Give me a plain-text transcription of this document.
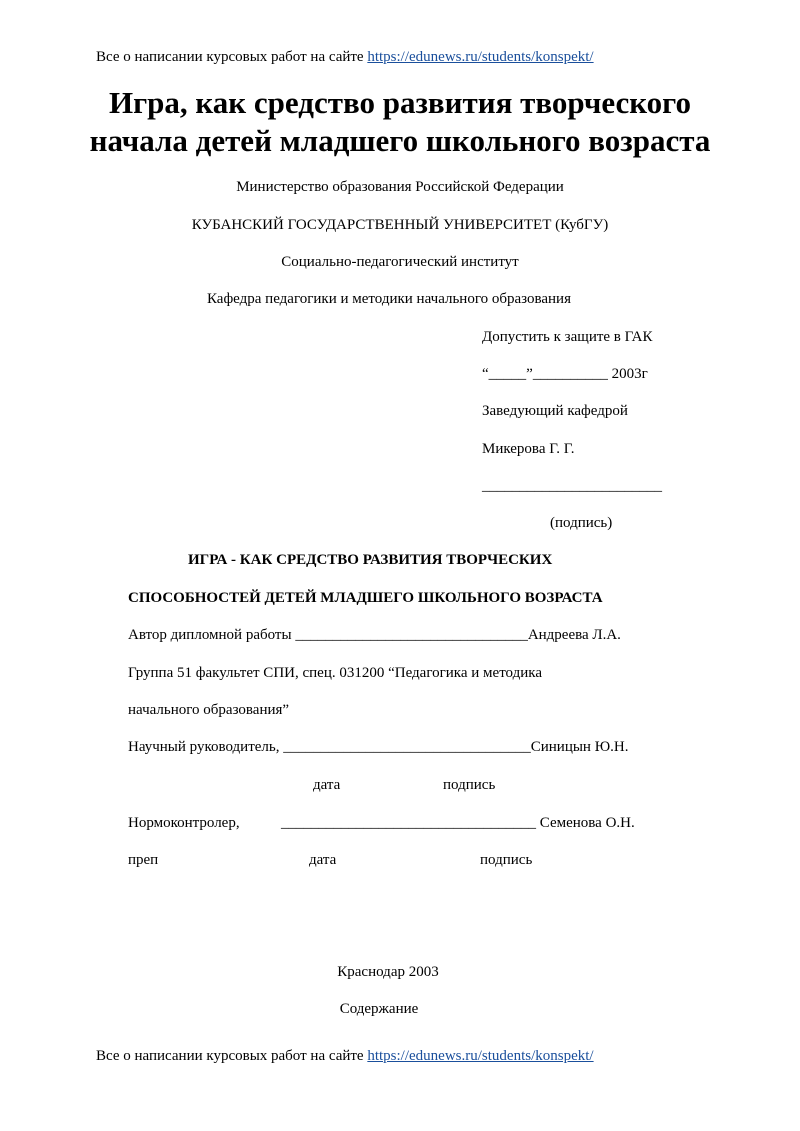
Все о написании курсовых работ на сайте https://edunews.ru/students/konspekt/
Игра, как средство развития творческого
начала детей младшего школьного возраста
Министерство образования Российской Федерации
КУБАНСКИЙ ГОСУДАРСТВЕННЫЙ УНИВЕРСИТЕТ (КубГУ)
Социально-педагогический институт
Кафедра педагогики и методики начального образования
Допустить к защите в ГАК
“_____”__________ 2003г
Заведующий кафедрой
Микерова Г. Г.
________________________
(подпись)
ИГРА - КАК СРЕДСТВО РАЗВИТИЯ ТВОРЧЕСКИХ
СПОСОБНОСТЕЙ ДЕТЕЙ МЛАДШЕГО ШКОЛЬНОГО ВОЗРАСТА
Автор дипломной работы _______________________________Андреева Л.А.
Группа 51 факультет СПИ, спец. 031200 “Педагогика и методика
начального образования”
Научный руководитель, _________________________________Синицын Ю.Н.
дата	подпись
Нормоконтролер,	__________________________________ Семенова О.Н.
преп	дата	подпись
Краснодар 2003
Содержание
Все о написании курсовых работ на сайте https://edunews.ru/students/konspekt/
